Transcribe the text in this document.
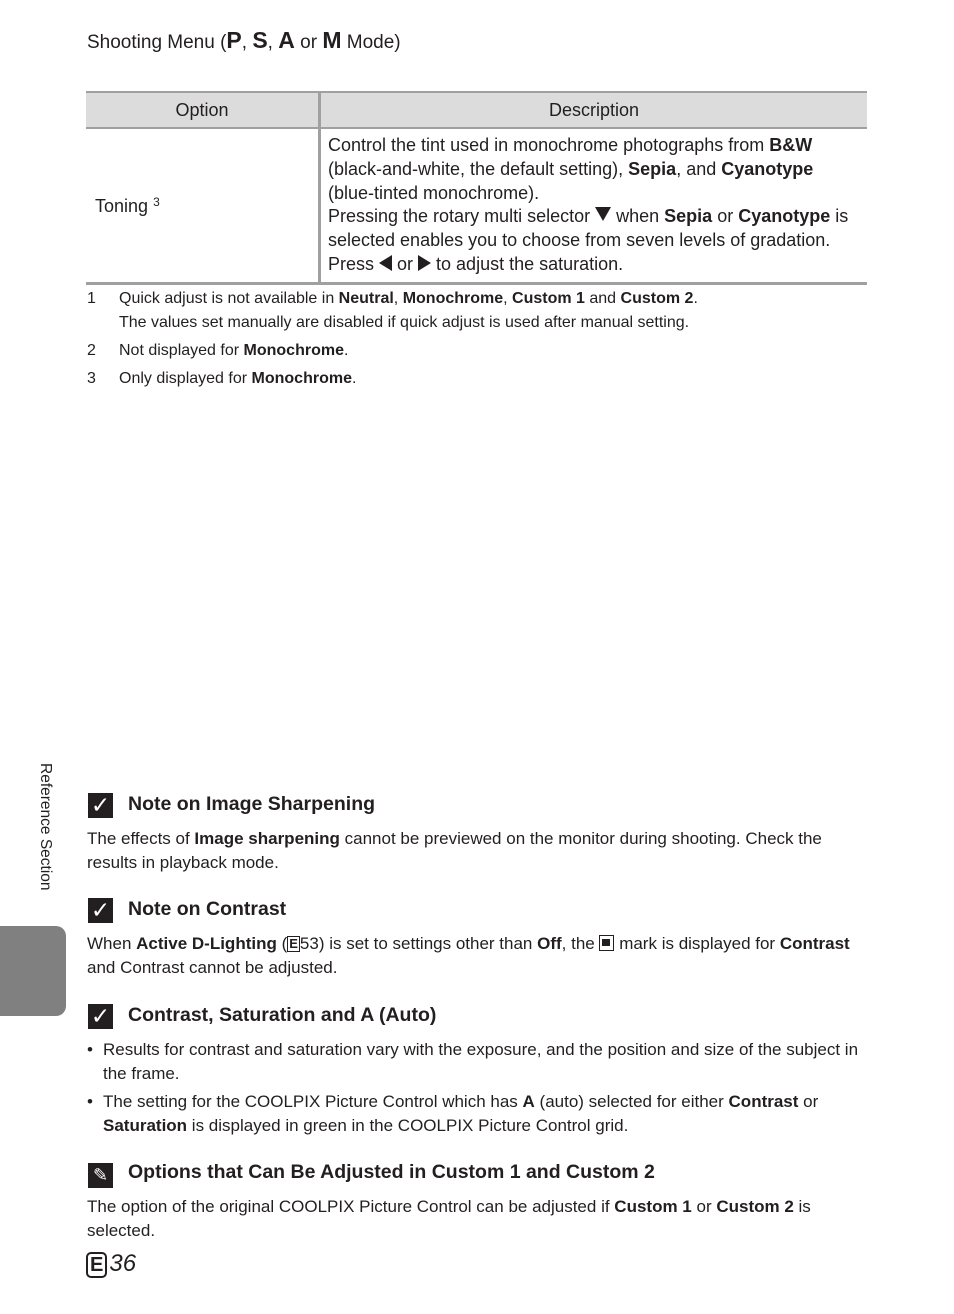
Shooting Menu (P, S, A or M Mode)
Option	Description
Toning $^3$	Control the tint used in monochrome photographs from B&W (black-and-white, the default setting), Sepia, and Cyanotype (blue-tinted monochrome).
Pressing the rotary multi selector  when Sepia or Cyanotype is selected enables you to choose from seven levels of gradation. Press  or  to adjust the saturation.
1 Quick adjust is not available in Neutral, Monochrome, Custom 1 and Custom 2.
The values set manually are disabled if quick adjust is used after manual setting.
2 Not displayed for Monochrome.
3 Only displayed for Monochrome.
Reference Section ✓ Note on Image Sharpening
The effects of Image sharpening cannot be previewed on the monitor during shooting. Check the results in playback mode.
✓ Note on Contrast
When Active D-Lighting ( E 53) is set to settings other than Off, the  mark is displayed for Contrast and Contrast cannot be adjusted.
✓ Contrast, Saturation and A (Auto)
• Results for contrast and saturation vary with the exposure, and the position and size of the subject in the frame.
• The setting for the COOLPIX Picture Control which has A (auto) selected for either Contrast or Saturation is displayed in green in the COOLPIX Picture Control grid.
✎ Options that Can Be Adjusted in Custom 1 and Custom 2
The option of the original COOLPIX Picture Control can be adjusted if Custom 1 or Custom 2 is selected.
E 36
